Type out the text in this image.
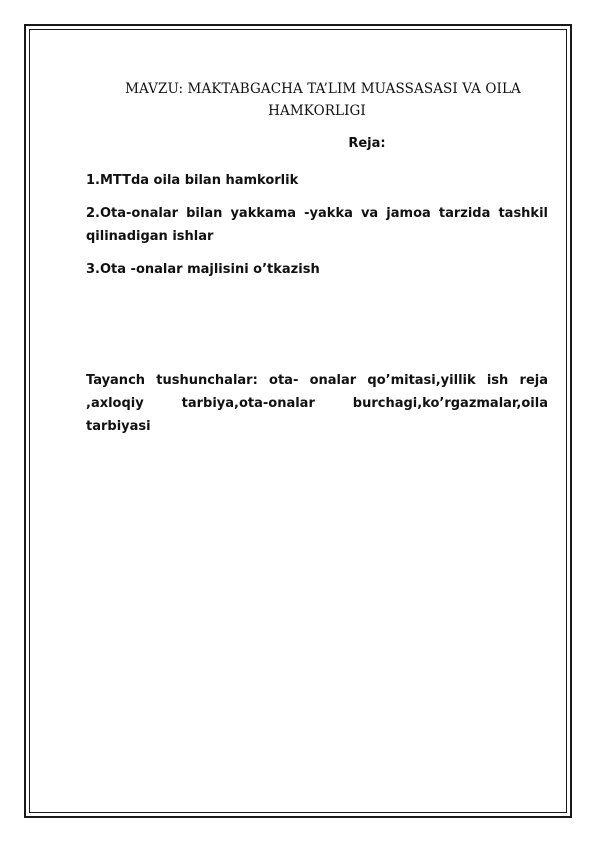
MAVZU: MAKTABGACHA TA’LIM MUASSASASI VA OILA
HAMKORLIGI
Reja:
1.MTTda oila bilan hamkorlik
2.Ota-onalar bilan yakkama -yakka va jamoa tarzida tashkil qilinadigan ishlar
3.Ota -onalar majlisini o’tkazish

Tayanch tushunchalar: ota- onalar qo’mitasi,yillik ish reja ,axloqiy tarbiya,ota-onalar burchagi,ko’rgazmalar,oila tarbiyasi
